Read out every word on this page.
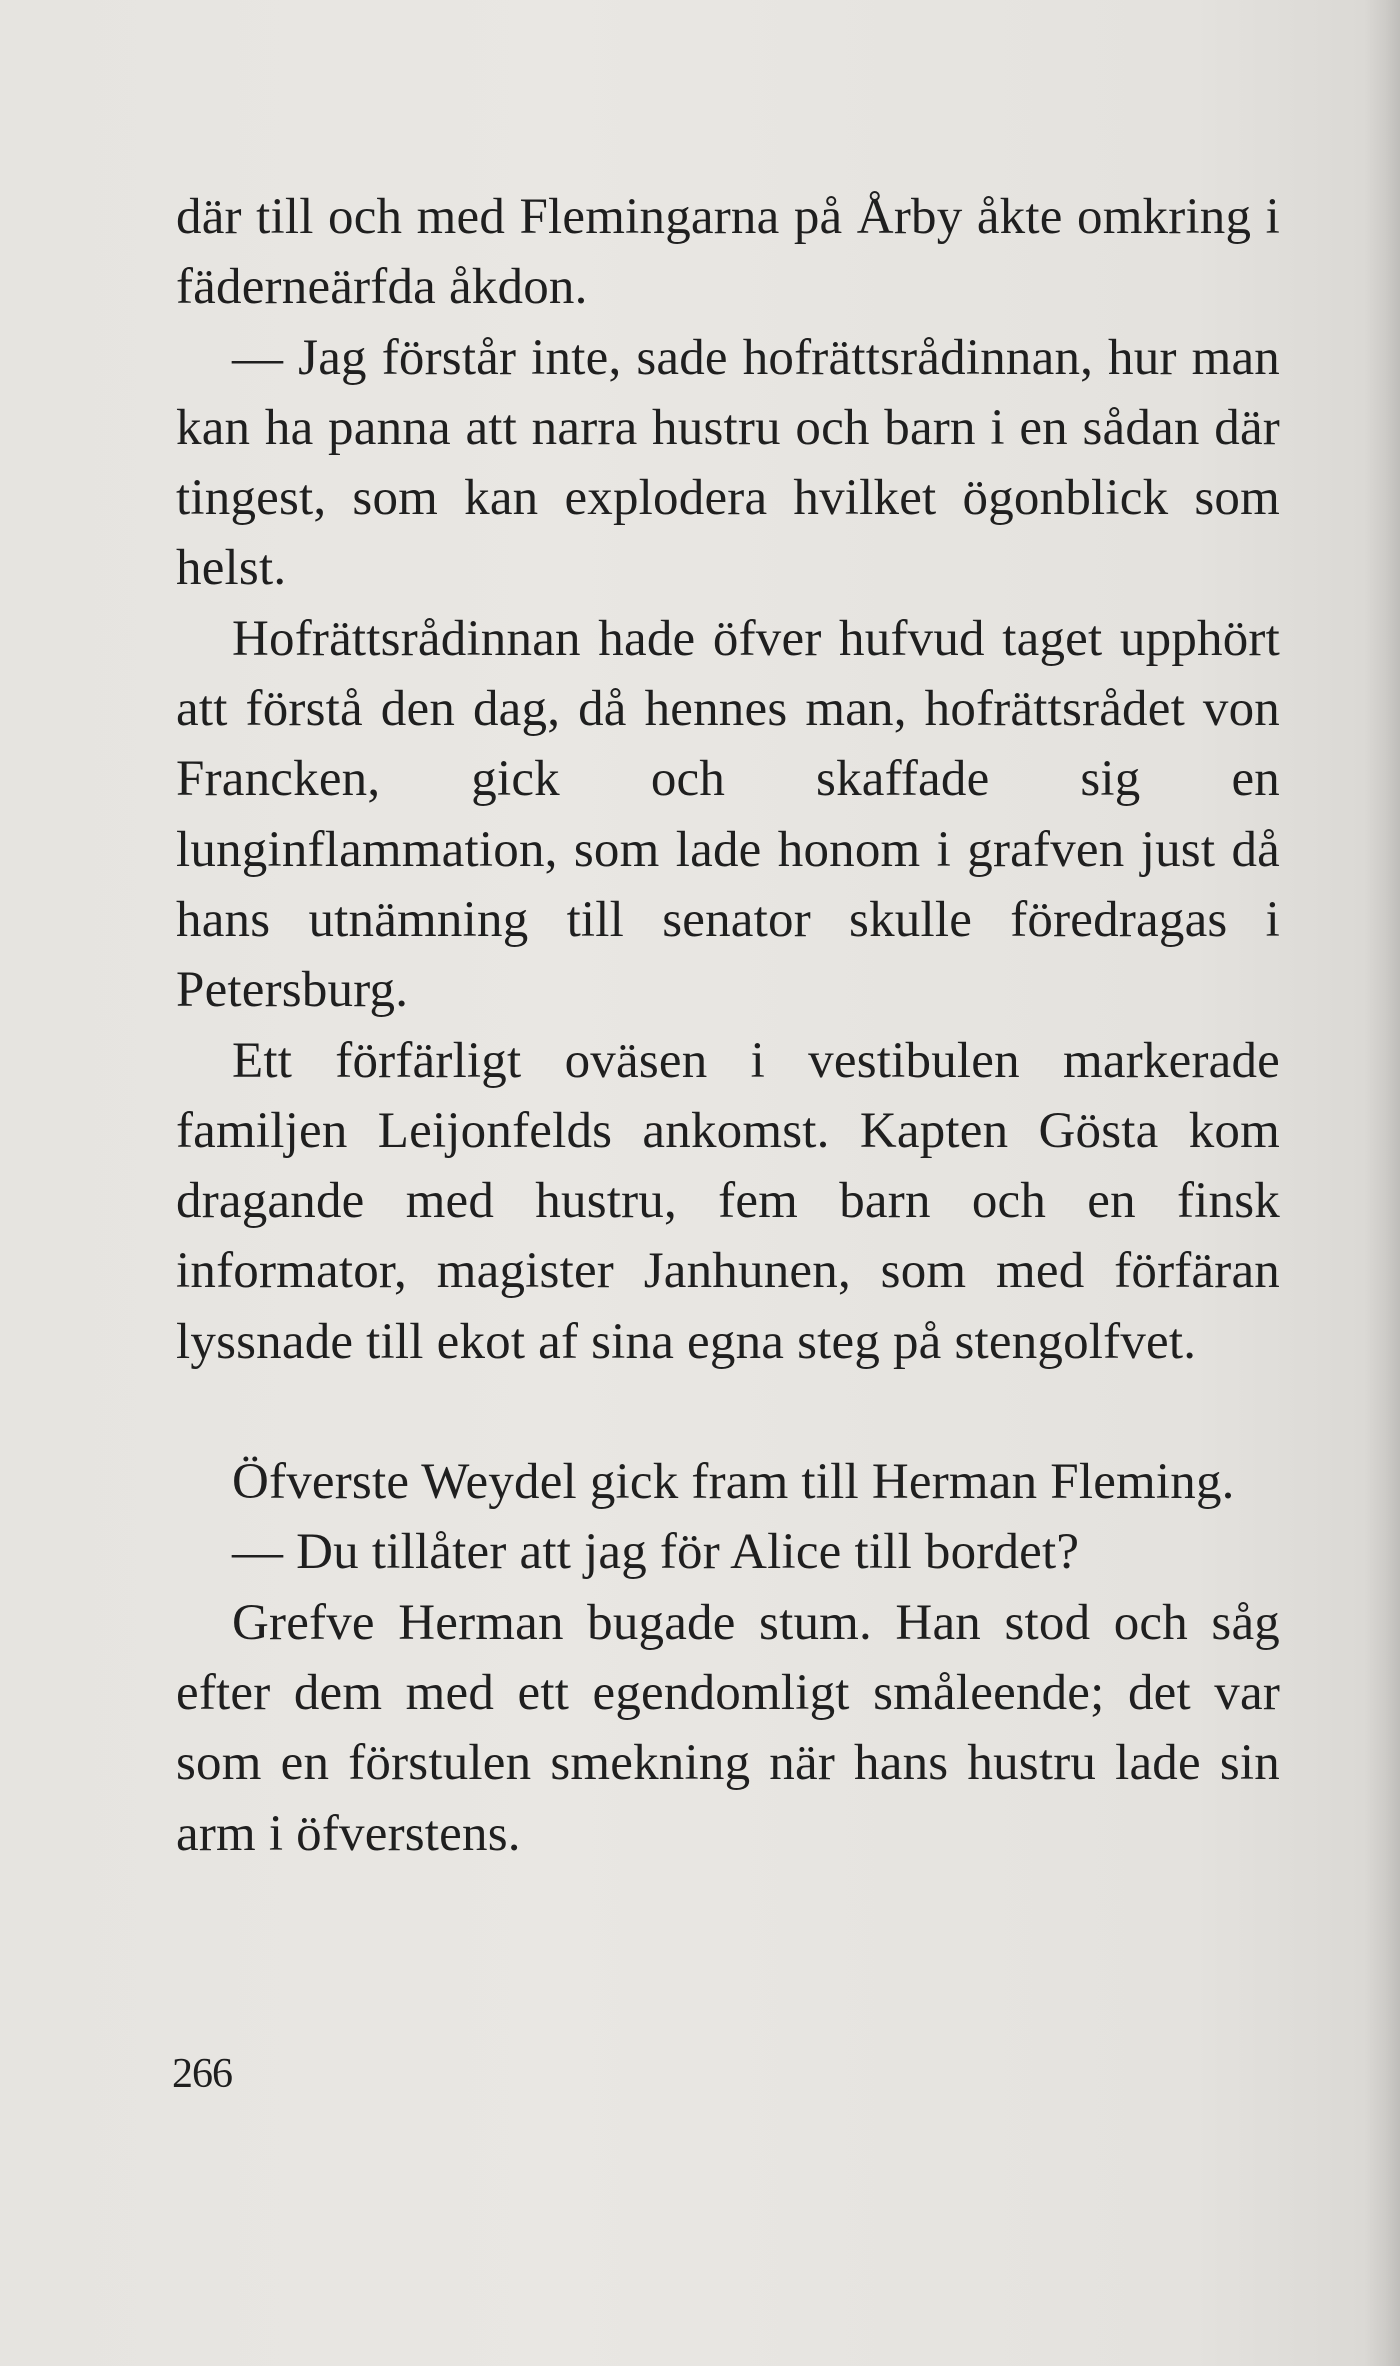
där till och med Flemingarna på Årby åkte omkring i fäderneärfda åkdon.

— Jag förstår inte, sade hofrättsrådinnan, hur man kan ha panna att narra hustru och barn i en sådan där tingest, som kan explodera hvilket ögonblick som helst.

Hofrättsrådinnan hade öfver hufvud taget upphört att förstå den dag, då hennes man, hofrättsrådet von Francken, gick och skaffade sig en lunginflammation, som lade honom i grafven just då hans utnämning till senator skulle föredragas i Petersburg.

Ett förfärligt oväsen i vestibulen markerade familjen Leijonfelds ankomst. Kapten Gösta kom dragande med hustru, fem barn och en finsk informator, magister Janhunen, som med förfäran lyssnade till ekot af sina egna steg på stengolfvet.

Öfverste Weydel gick fram till Herman Fleming.

— Du tillåter att jag för Alice till bordet?

Grefve Herman bugade stum. Han stod och såg efter dem med ett egendomligt småleende; det var som en förstulen smekning när hans hustru lade sin arm i öfverstens.

266
